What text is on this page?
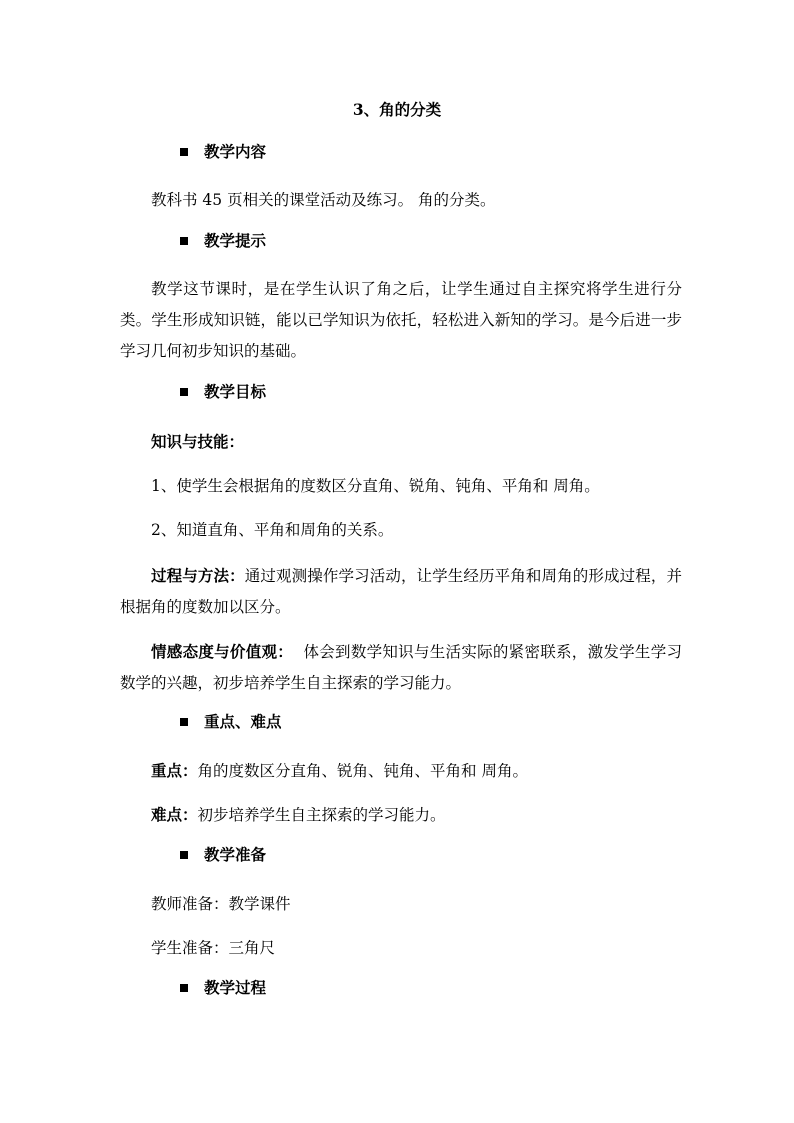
3、角的分类
教学内容
教科书 45 页相关的课堂活动及练习。 角的分类。
教学提示
教学这节课时，是在学生认识了角之后，让学生通过自主探究将学生进行分类。学生形成知识链，能以已学知识为依托，轻松进入新知的学习。是今后进一步学习几何初步知识的基础。
教学目标
知识与技能：
1、使学生会根据角的度数区分直角、锐角、钝角、平角和 周角。
2、知道直角、平角和周角的关系。
过程与方法：通过观测操作学习活动，让学生经历平角和周角的形成过程，并根据角的度数加以区分。
情感态度与价值观：  体会到数学知识与生活实际的紧密联系，激发学生学习数学的兴趣，初步培养学生自主探索的学习能力。
重点、难点
重点：角的度数区分直角、锐角、钝角、平角和 周角。
难点：初步培养学生自主探索的学习能力。
教学准备
教师准备：教学课件
学生准备：三角尺
教学过程
